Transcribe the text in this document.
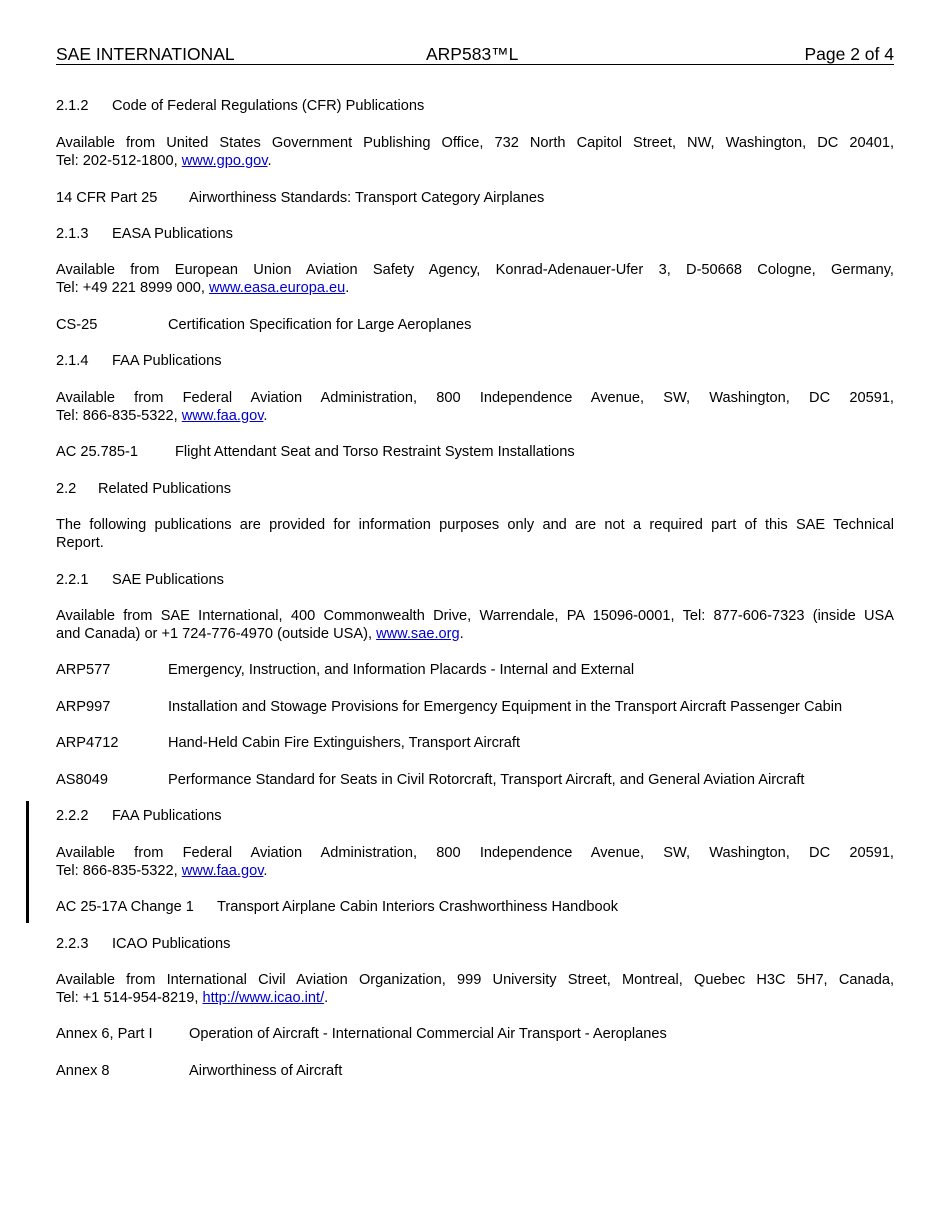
SAE INTERNATIONAL	ARP583™L	Page 2 of 4
2.1.2 Code of Federal Regulations (CFR) Publications
Available from United States Government Publishing Office, 732 North Capitol Street, NW, Washington, DC 20401,
Tel: 202-512-1800, www.gpo.gov.
14 CFR Part 25 Airworthiness Standards: Transport Category Airplanes
2.1.3 EASA Publications
Available from European Union Aviation Safety Agency, Konrad-Adenauer-Ufer 3, D-50668 Cologne, Germany,
Tel: +49 221 8999 000, www.easa.europa.eu.
CS-25	Certification Specification for Large Aeroplanes
2.1.4 FAA Publications
Available from Federal Aviation Administration, 800 Independence Avenue, SW, Washington, DC 20591,
Tel: 866-835-5322, www.faa.gov.
AC 25.785-1	Flight Attendant Seat and Torso Restraint System Installations
2.2 Related Publications
The following publications are provided for information purposes only and are not a required part of this SAE Technical
Report.
2.2.1 SAE Publications
Available from SAE International, 400 Commonwealth Drive, Warrendale, PA 15096-0001, Tel: 877-606-7323 (inside USA
and Canada) or +1 724-776-4970 (outside USA), www.sae.org.
ARP577	Emergency, Instruction, and Information Placards - Internal and External
ARP997	Installation and Stowage Provisions for Emergency Equipment in the Transport Aircraft Passenger Cabin
ARP4712	Hand-Held Cabin Fire Extinguishers, Transport Aircraft
AS8049	Performance Standard for Seats in Civil Rotorcraft, Transport Aircraft, and General Aviation Aircraft
2.2.2 FAA Publications
Available from Federal Aviation Administration, 800 Independence Avenue, SW, Washington, DC 20591,
Tel: 866-835-5322, www.faa.gov.
AC 25-17A Change 1 Transport Airplane Cabin Interiors Crashworthiness Handbook
2.2.3 ICAO Publications
Available from International Civil Aviation Organization, 999 University Street, Montreal, Quebec H3C 5H7, Canada,
Tel: +1 514-954-8219, http://www.icao.int/.
Annex 6, Part I Operation of Aircraft - International Commercial Air Transport - Aeroplanes
Annex 8	Airworthiness of Aircraft
